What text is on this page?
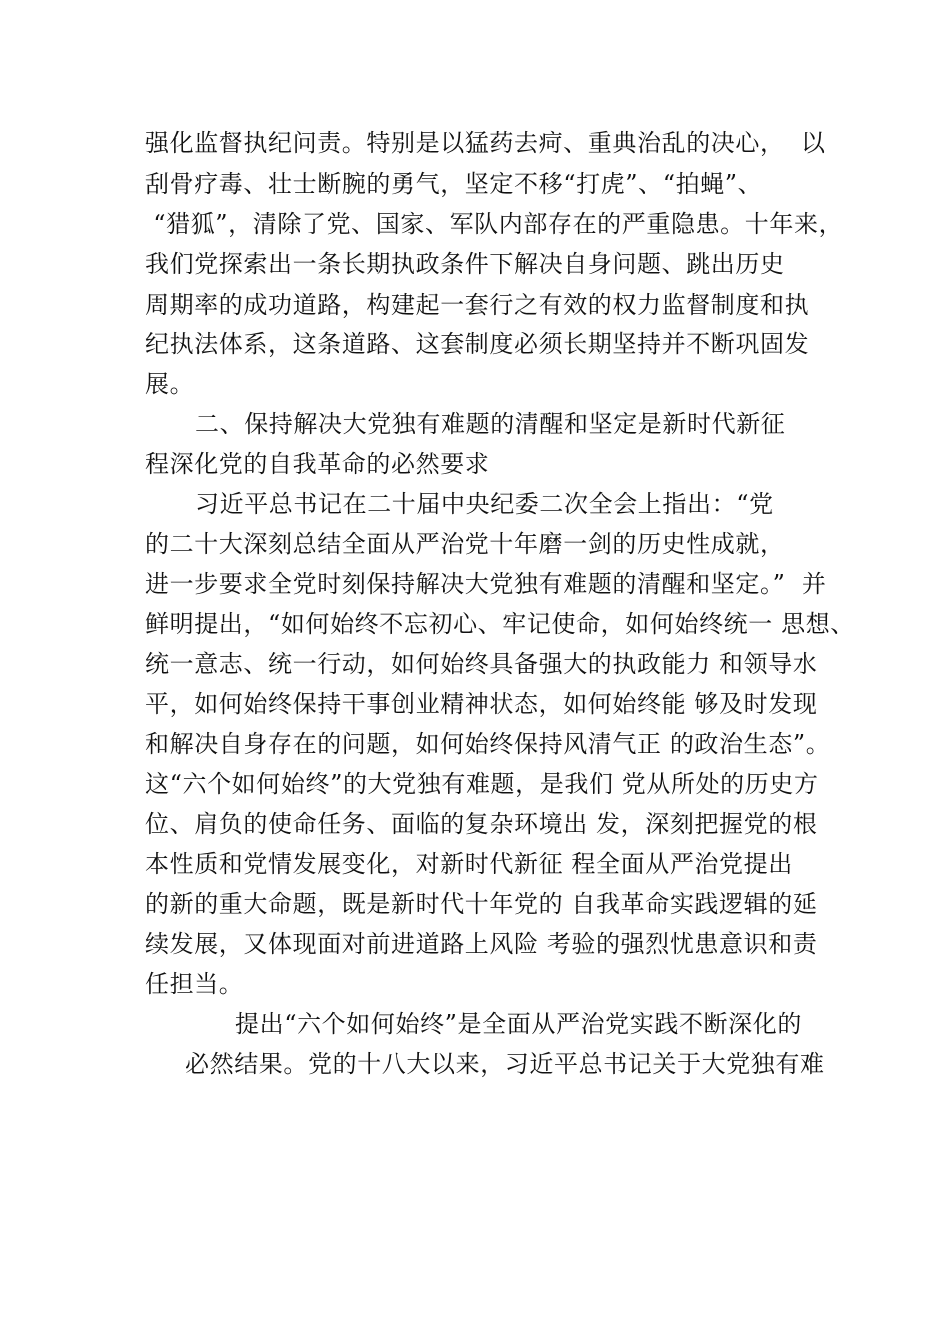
强化监督执纪问责。特别是以猛药去疴、重典治乱的决心，  以
刮骨疗毒、壮士断腕的勇气，坚定不移“打虎”、“拍蝇”、
“猎狐”，清除了党、国家、军队内部存在的严重隐患。十年来，
我们党探索出一条长期执政条件下解决自身问题、跳出历史
周期率的成功道路，构建起一套行之有效的权力监督制度和执
纪执法体系，这条道路、这套制度必须长期坚持并不断巩固发
展。
二、保持解决大党独有难题的清醒和坚定是新时代新征
程深化党的自我革命的必然要求
习近平总书记在二十届中央纪委二次全会上指出：“党
的二十大深刻总结全面从严治党十年磨一剑的历史性成就，
进一步要求全党时刻保持解决大党独有难题的清醒和坚定。”  并
鲜明提出，“如何始终不忘初心、牢记使命，如何始终统一 思想、
统一意志、统一行动，如何始终具备强大的执政能力 和领导水
平，如何始终保持干事创业精神状态，如何始终能 够及时发现
和解决自身存在的问题，如何始终保持风清气正 的政治生态”。
这“六个如何始终”的大党独有难题，是我们 党从所处的历史方
位、肩负的使命任务、面临的复杂环境出 发，深刻把握党的根
本性质和党情发展变化，对新时代新征 程全面从严治党提出
的新的重大命题，既是新时代十年党的 自我革命实践逻辑的延
续发展，又体现面对前进道路上风险 考验的强烈忧患意识和责
任担当。
提出“六个如何始终”是全面从严治党实践不断深化的
必然结果。党的十八大以来，习近平总书记关于大党独有难
